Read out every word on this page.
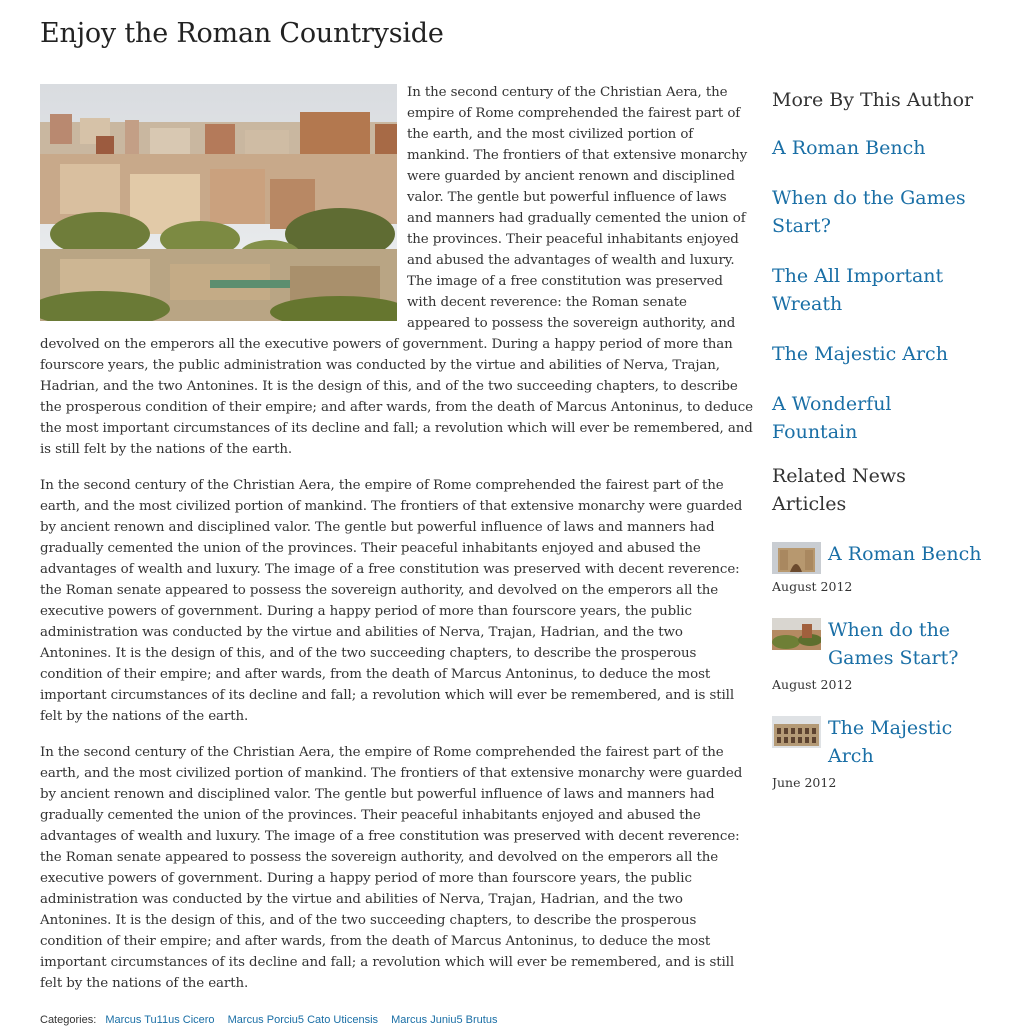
Enjoy the Roman Countryside

In the second century of the Christian Aera, the empire of Rome comprehended the fairest part of the earth, and the most civilized portion of mankind. The frontiers of that extensive monarchy were guarded by ancient renown and disciplined valor. The gentle but powerful influence of laws and manners had gradually cemented the union of the provinces. Their peaceful inhabitants enjoyed and abused the advantages of wealth and luxury. The image of a free constitution was preserved with decent reverence: the Roman senate appeared to possess the sovereign authority, and devolved on the emperors all the executive powers of government. During a happy period of more than fourscore years, the public administration was conducted by the virtue and abilities of Nerva, Trajan, Hadrian, and the two Antonines. It is the design of this, and of the two succeeding chapters, to describe the prosperous condition of their empire; and after wards, from the death of Marcus Antoninus, to deduce the most important circumstances of its decline and fall; a revolution which will ever be remembered, and is still felt by the nations of the earth.

In the second century of the Christian Aera, the empire of Rome comprehended the fairest part of the earth, and the most civilized portion of mankind. The frontiers of that extensive monarchy were guarded by ancient renown and disciplined valor. The gentle but powerful influence of laws and manners had gradually cemented the union of the provinces. Their peaceful inhabitants enjoyed and abused the advantages of wealth and luxury. The image of a free constitution was preserved with decent reverence: the Roman senate appeared to possess the sovereign authority, and devolved on the emperors all the executive powers of government. During a happy period of more than fourscore years, the public administration was conducted by the virtue and abilities of Nerva, Trajan, Hadrian, and the two Antonines. It is the design of this, and of the two succeeding chapters, to describe the prosperous condition of their empire; and after wards, from the death of Marcus Antoninus, to deduce the most important circumstances of its decline and fall; a revolution which will ever be remembered, and is still felt by the nations of the earth.

In the second century of the Christian Aera, the empire of Rome comprehended the fairest part of the earth, and the most civilized portion of mankind. The frontiers of that extensive monarchy were guarded by ancient renown and disciplined valor. The gentle but powerful influence of laws and manners had gradually cemented the union of the provinces. Their peaceful inhabitants enjoyed and abused the advantages of wealth and luxury. The image of a free constitution was preserved with decent reverence: the Roman senate appeared to possess the sovereign authority, and devolved on the emperors all the executive powers of government. During a happy period of more than fourscore years, the public administration was conducted by the virtue and abilities of Nerva, Trajan, Hadrian, and the two Antonines. It is the design of this, and of the two succeeding chapters, to describe the prosperous condition of their empire; and after wards, from the death of Marcus Antoninus, to deduce the most important circumstances of its decline and fall; a revolution which will ever be remembered, and is still felt by the nations of the earth.

Categories: Marcus Tu11us Cicero Marcus Porciu5 Cato Uticensis Marcus Juniu5 Brutus
More By This Author
A Roman Bench
When do the Games Start?
The All Important Wreath
The Majestic Arch
A Wonderful Fountain
Related News Articles
A Roman Bench
August 2012
When do the Games Start?
August 2012
The Majestic Arch
June 2012
